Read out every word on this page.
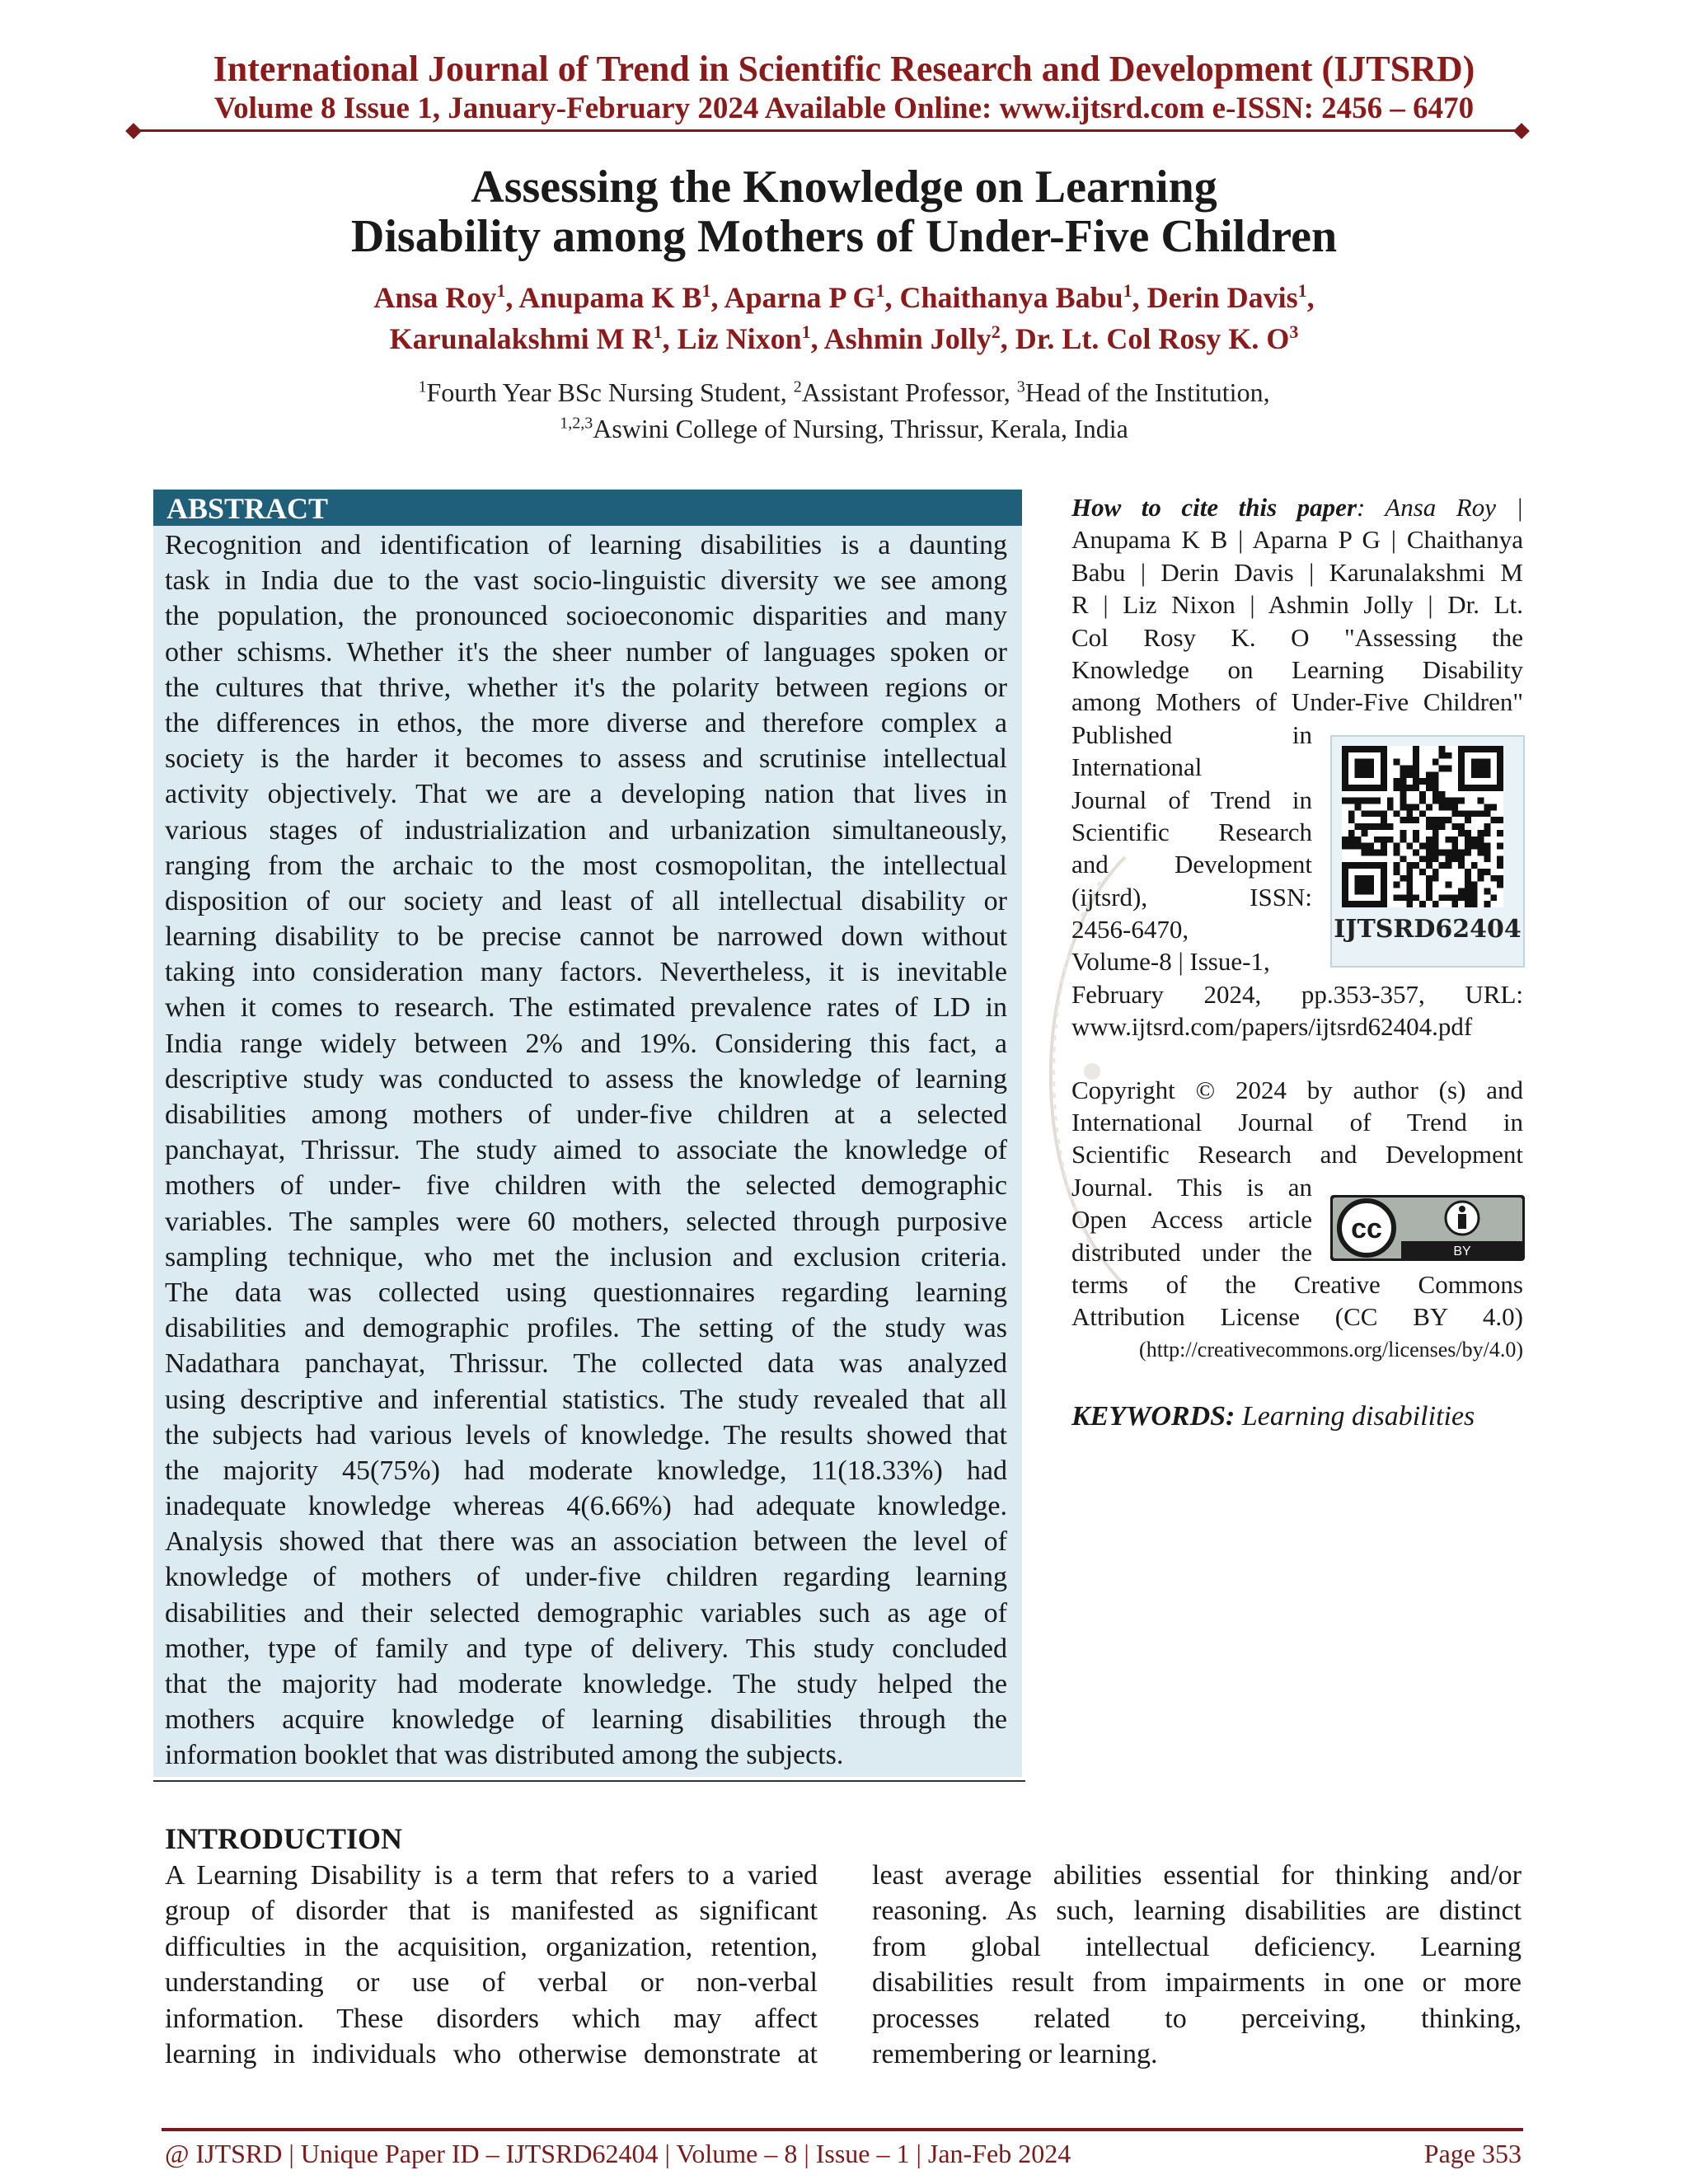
International Journal of Trend in Scientific Research and Development (IJTSRD)
Volume 8 Issue 1, January-February 2024 Available Online: www.ijtsrd.com e-ISSN: 2456 – 6470
Assessing the Knowledge on Learning
Disability among Mothers of Under-Five Children
Ansa Roy$^1$, Anupama K $B^1$, Aparna P $G^1$, Chaithanya Babu$^1$, Derin Davis$^1$,
Karunalakshmi M $R^1$, Liz Nixon$^1$, Ashmin Jolly$^2$, Dr. Lt. Col Rosy K. $O^3$
$^1$Fourth Year BSc Nursing Student, $^2$Assistant Professor, $^3$Head of the Institution,
$^{1,2,3}$Aswini College of Nursing, Thrissur, Kerala, India
ABSTRACT
Recognition and identification of learning disabilities is a daunting
task in India due to the vast socio-linguistic diversity we see among
the population, the pronounced socioeconomic disparities and many
other schisms. Whether it's the sheer number of languages spoken or
the cultures that thrive, whether it's the polarity between regions or
the differences in ethos, the more diverse and therefore complex a
society is the harder it becomes to assess and scrutinise intellectual
activity objectively. That we are a developing nation that lives in
various stages of industrialization and urbanization simultaneously,
ranging from the archaic to the most cosmopolitan, the intellectual
disposition of our society and least of all intellectual disability or
learning disability to be precise cannot be narrowed down without
taking into consideration many factors. Nevertheless, it is inevitable
when it comes to research. The estimated prevalence rates of LD in
India range widely between 2% and 19%. Considering this fact, a
descriptive study was conducted to assess the knowledge of learning
disabilities among mothers of under-five children at a selected
panchayat, Thrissur. The study aimed to associate the knowledge of
mothers of under- five children with the selected demographic
variables. The samples were 60 mothers, selected through purposive
sampling technique, who met the inclusion and exclusion criteria.
The data was collected using questionnaires regarding learning
disabilities and demographic profiles. The setting of the study was
Nadathara panchayat, Thrissur. The collected data was analyzed
using descriptive and inferential statistics. The study revealed that all
the subjects had various levels of knowledge. The results showed that
the majority 45(75%) had moderate knowledge, 11(18.33%) had
inadequate knowledge whereas 4(6.66%) had adequate knowledge.
Analysis showed that there was an association between the level of
knowledge of mothers of under-five children regarding learning
disabilities and their selected demographic variables such as age of
mother, type of family and type of delivery. This study concluded
that the majority had moderate knowledge. The study helped the
mothers acquire knowledge of learning disabilities through the
information booklet that was distributed among the subjects.
How to cite this paper: Ansa Roy |
Anupama K B | Aparna P G | Chaithanya
Babu | Derin Davis | Karunalakshmi M
R | Liz Nixon | Ashmin Jolly | Dr. Lt.
Col Rosy K. O "Assessing the
Knowledge on Learning Disability
among Mothers of Under-Five Children"
Published in
International
Journal of Trend in
Scientific Research
and Development
(ijtsrd), ISSN:
2456-6470,
Volume-8 | Issue-1,
February 2024, pp.353-357, URL:
www.ijtsrd.com/papers/ijtsrd62404.pdf
Copyright © 2024 by author (s) and
International Journal of Trend in
Scientific Research and Development
Journal. This is an
Open Access article
distributed under the
terms of the Creative Commons
Attribution License (CC BY 4.0)
(http://creativecommons.org/licenses/by/4.0)
IJTSRD62404
cc
BY
KEYWORDS: Learning disabilities
INTRODUCTION
A Learning Disability is a term that refers to a varied
group of disorder that is manifested as significant
difficulties in the acquisition, organization, retention,
understanding or use of verbal or non-verbal
information. These disorders which may affect
learning in individuals who otherwise demonstrate at
least average abilities essential for thinking and/or
reasoning. As such, learning disabilities are distinct
from global intellectual deficiency. Learning
disabilities result from impairments in one or more
processes related to perceiving, thinking,
remembering or learning.
@ IJTSRD | Unique Paper ID – IJTSRD62404 | Volume – 8 | Issue – 1 | Jan-Feb 2024	Page 353
